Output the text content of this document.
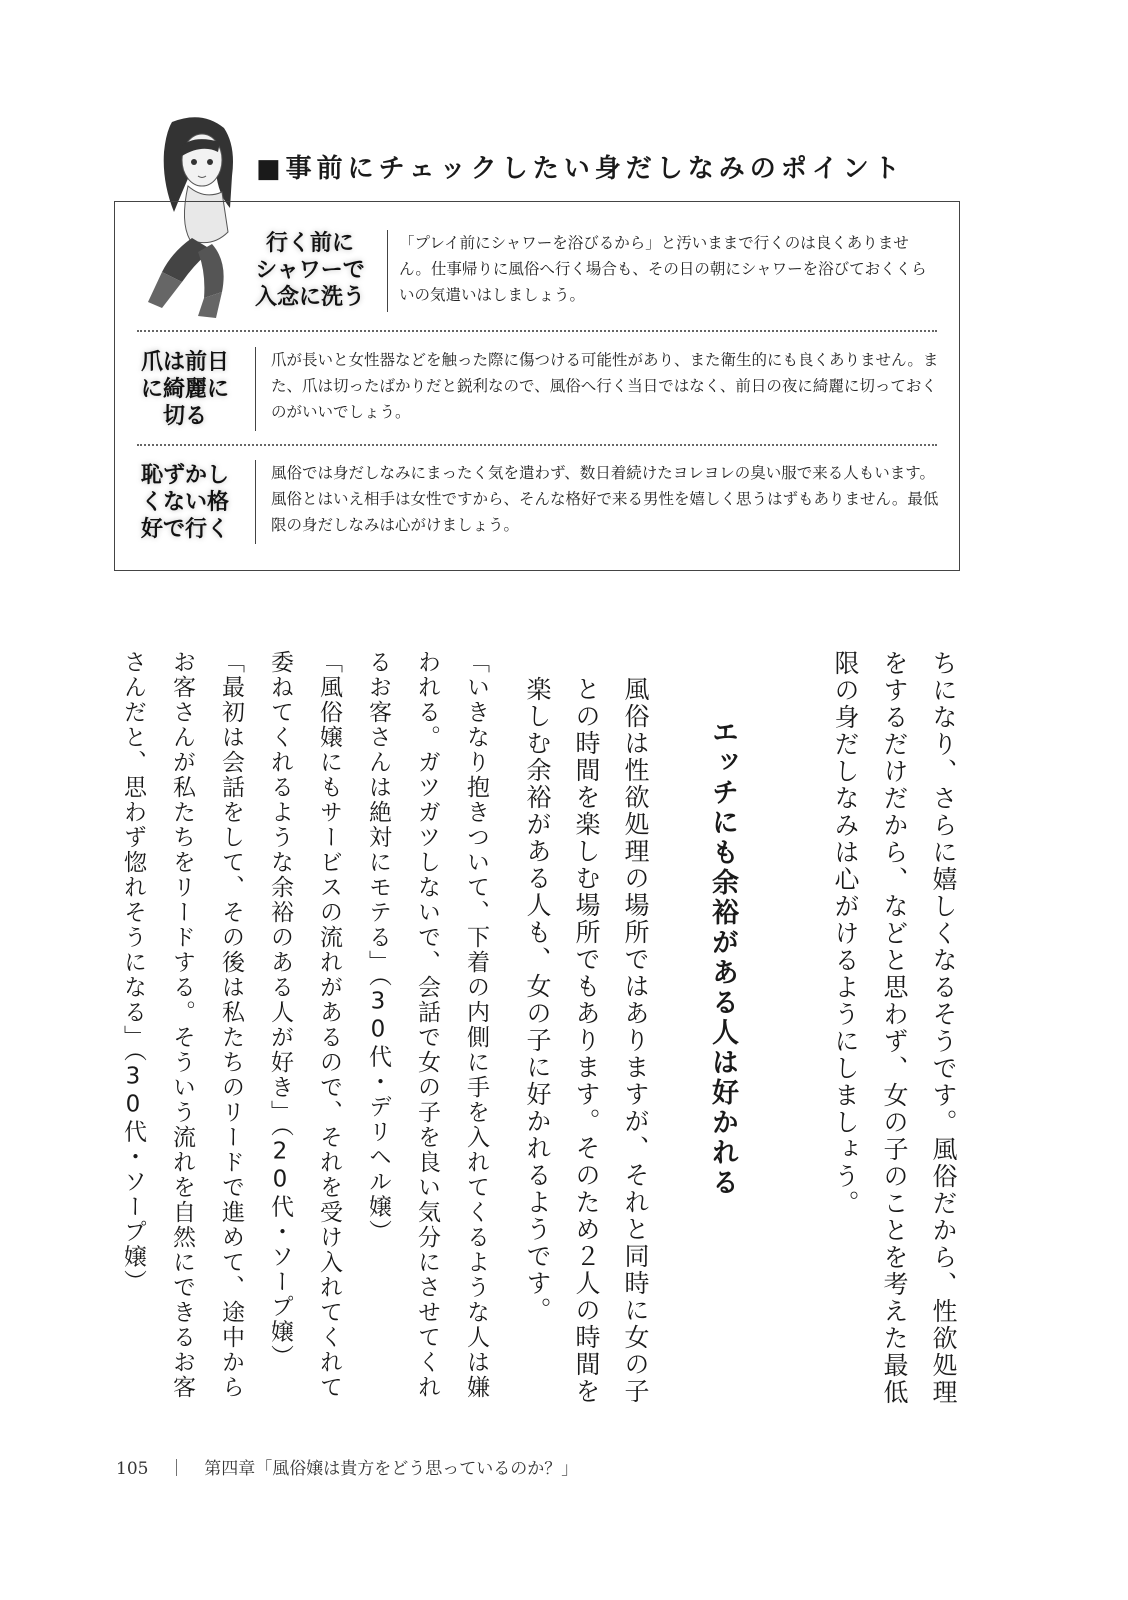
■事前にチェックしたい身だしなみのポイント
行く前に
シャワーで
入念に洗う
「プレイ前にシャワーを浴びるから」と汚いままで行くのは良くありません。仕事帰りに風俗へ行く場合も、その日の朝にシャワーを浴びておくくらいの気遣いはしましょう。
爪は前日
に綺麗に
切る
爪が長いと女性器などを触った際に傷つける可能性があり、また衛生的にも良くありません。また、爪は切ったばかりだと鋭利なので、風俗へ行く当日ではなく、前日の夜に綺麗に切っておくのがいいでしょう。
恥ずかし
くない格
好で行く
風俗では身だしなみにまったく気を遣わず、数日着続けたヨレヨレの臭い服で来る人もいます。風俗とはいえ相手は女性ですから、そんな格好で来る男性を嬉しく思うはずもありません。最低限の身だしなみは心がけましょう。
ちになり、さらに嬉しくなるそうです。風俗だから、性欲処理をするだけだから、などと思わず、女の子のことを考えた最低限の身だしなみは心がけるようにしましょう。
エッチにも余裕がある人は好かれる
風俗は性欲処理の場所ではありますが、それと同時に女の子との時間を楽しむ場所でもあります。そのため２人の時間を楽しむ余裕がある人も、女の子に好かれるようです。
「いきなり抱きついて、下着の内側に手を入れてくるような人は嫌われる。ガツガツしないで、会話で女の子を良い気分にさせてくれるお客さんは絶対にモテる」（30代・デリヘル嬢）
「風俗嬢にもサービスの流れがあるので、それを受け入れてくれて委ねてくれるような余裕のある人が好き」（20代・ソープ嬢）
「最初は会話をして、その後は私たちのリードで進めて、途中からお客さんが私たちをリードする。そういう流れを自然にできるお客さんだと、思わず惚れそうになる」（30代・ソープ嬢）
105 ｜ 第四章「風俗嬢は貴方をどう思っているのか？」
